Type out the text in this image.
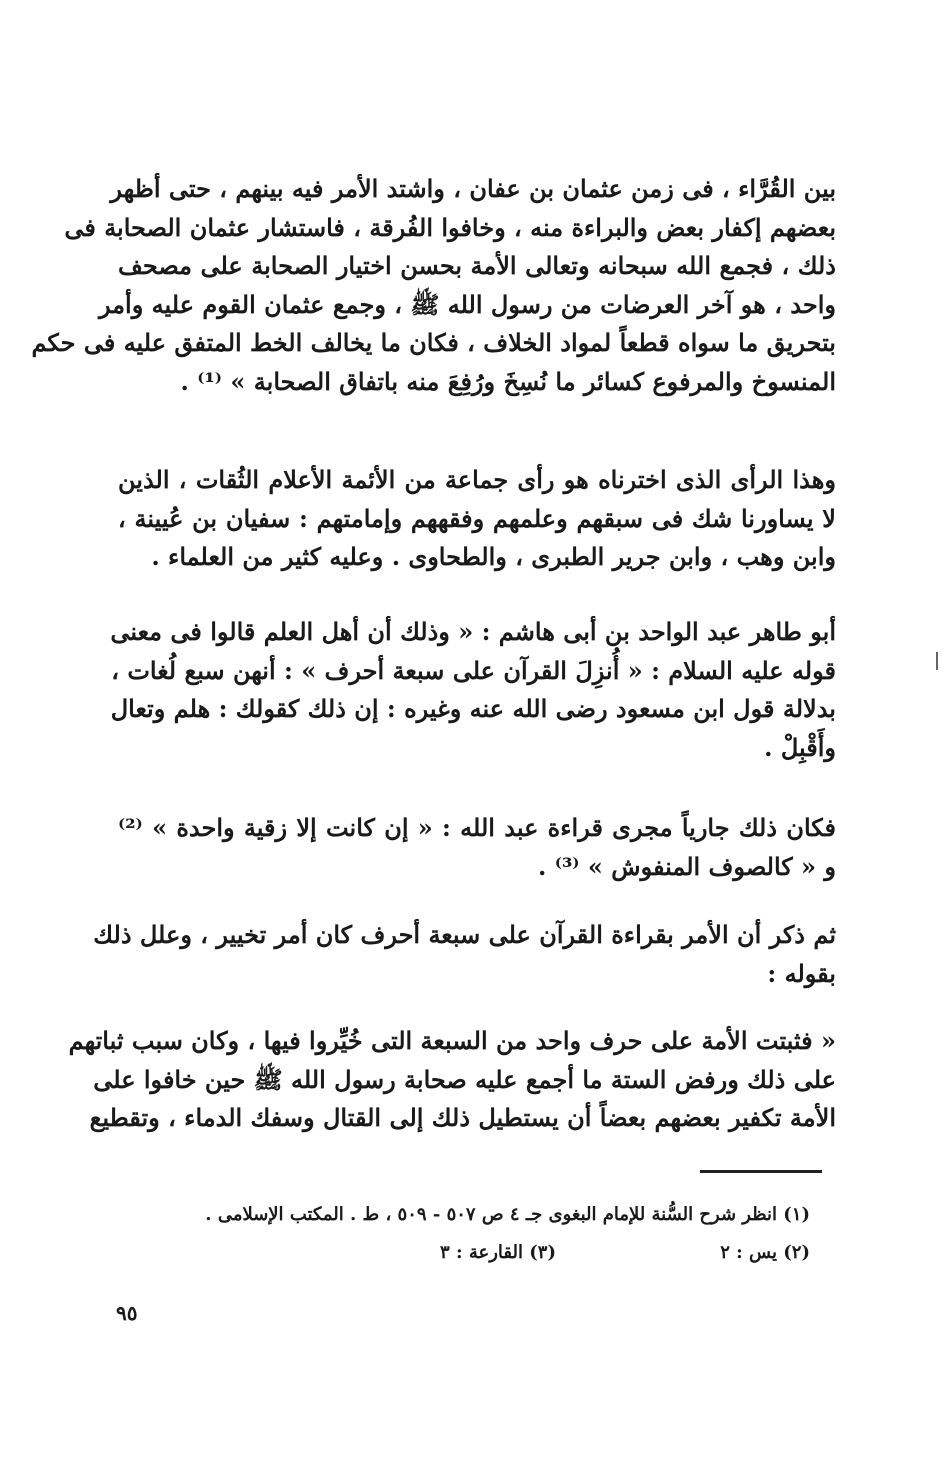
بين القُرَّاء ، فى زمن عثمان بن عفان ، واشتد الأمر فيه بينهم ، حتى أظهر
بعضهم إكفار بعض والبراءة منه ، وخافوا الفُرقة ، فاستشار عثمان الصحابة فى
ذلك ، فجمع الله سبحانه وتعالى الأمة بحسن اختيار الصحابة على مصحف
واحد ، هو آخر العرضات من رسول الله ﷺ ، وجمع عثمان القوم عليه وأمر
بتحريق ما سواه قطعاً لمواد الخلاف ، فكان ما يخالف الخط المتفق عليه فى حكم
المنسوخ والمرفوع كسائر ما نُسِخَ ورُفِعَ منه باتفاق الصحابة » ⁽¹⁾ .
وهذا الرأى الذى اخترناه هو رأى جماعة من الأئمة الأعلام الثُقات ، الذين
لا يساورنا شك فى سبقهم وعلمهم وفقههم وإمامتهم : سفيان بن عُيينة ،
وابن وهب ، وابن جرير الطبرى ، والطحاوى . وعليه كثير من العلماء .
أبو طاهر عبد الواحد بن أبى هاشم : « وذلك أن أهل العلم قالوا فى معنى
قوله عليه السلام : « أُنزِلَ القرآن على سبعة أحرف » : أنهن سبع لُغات ،
بدلالة قول ابن مسعود رضى الله عنه وغيره : إن ذلك كقولك : هلم وتعال
وأَقْبِلْ .
فكان ذلك جارياً مجرى قراءة عبد الله : « إن كانت إلا زقية واحدة » ⁽²⁾
و « كالصوف المنفوش » ⁽³⁾ .
ثم ذكر أن الأمر بقراءة القرآن على سبعة أحرف كان أمر تخيير ، وعلل ذلك
بقوله :
« فثبتت الأمة على حرف واحد من السبعة التى خُيِّروا فيها ، وكان سبب ثباتهم
على ذلك ورفض الستة ما أجمع عليه صحابة رسول الله ﷺ حين خافوا على
الأمة تكفير بعضهم بعضاً أن يستطيل ذلك إلى القتال وسفك الدماء ، وتقطيع
(١) انظر شرح السُّنة للإمام البغوى جـ ٤ ص ٥٠٧ - ٥٠٩ ، ط . المكتب الإسلامى .
(٢) يس : ٢
(٣) القارعة : ٣
٩٥
